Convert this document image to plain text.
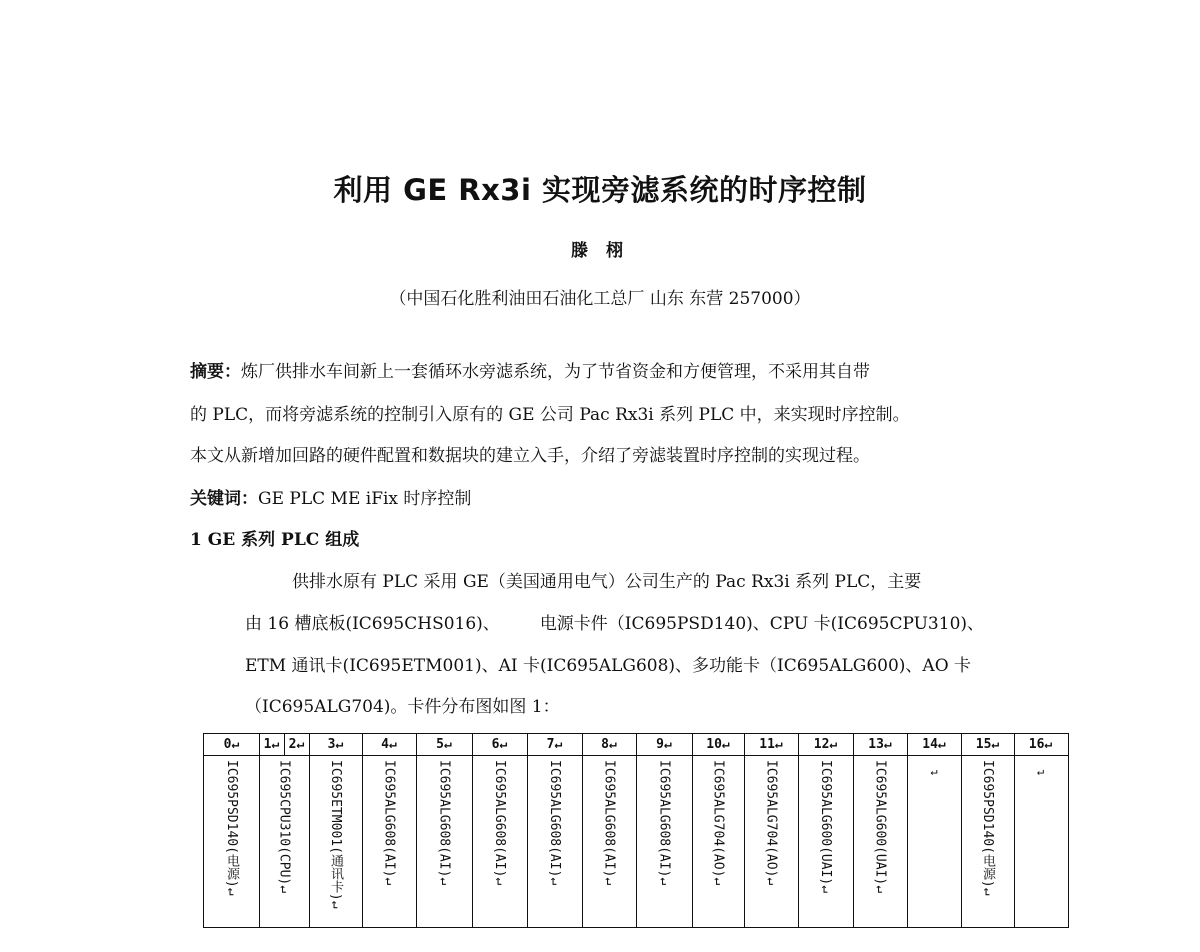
利用 GE Rx3i 实现旁滤系统的时序控制
滕 栩
（中国石化胜利油田石油化工总厂 山东 东营 257000）
摘要：炼厂供排水车间新上一套循环水旁滤系统，为了节省资金和方便管理，不采用其自带
的 PLC，而将旁滤系统的控制引入原有的 GE 公司 Pac Rx3i 系列 PLC 中，来实现时序控制。
本文从新增加回路的硬件配置和数据块的建立入手，介绍了旁滤装置时序控制的实现过程。
关键词：GE PLC ME iFix 时序控制
1 GE 系列 PLC 组成
供排水原有 PLC 采用 GE（美国通用电气）公司生产的 Pac Rx3i 系列 PLC，主要
由 16 槽底板(IC695CHS016)、 电源卡件（IC695PSD140)、CPU 卡(IC695CPU310)、
ETM 通讯卡(IC695ETM001)、AI 卡(IC695ALG608)、多功能卡（IC695ALG600)、AO 卡
（IC695ALG704)。卡件分布图如图 1：
0↵	1↵ 2↵	3↵	4↵	5↵	6↵	7↵	8↵	9↵	10↵	11↵	12↵	13↵	14↵	15↵	16↵
IC695PSD140(电源)↵	IC695CPU310(CPU)↵	IC695ETM001(通讯卡)↵	IC695ALG608(AI)↵	IC695ALG608(AI)↵	IC695ALG608(AI)↵	IC695ALG608(AI)↵	IC695ALG608(AI)↵	IC695ALG608(AI)↵	IC695ALG704(AO)↵	IC695ALG704(AO)↵	IC695ALG600(UAI)↵	IC695ALG600(UAI)↵	↵	IC695PSD140(电源)↵	↵
